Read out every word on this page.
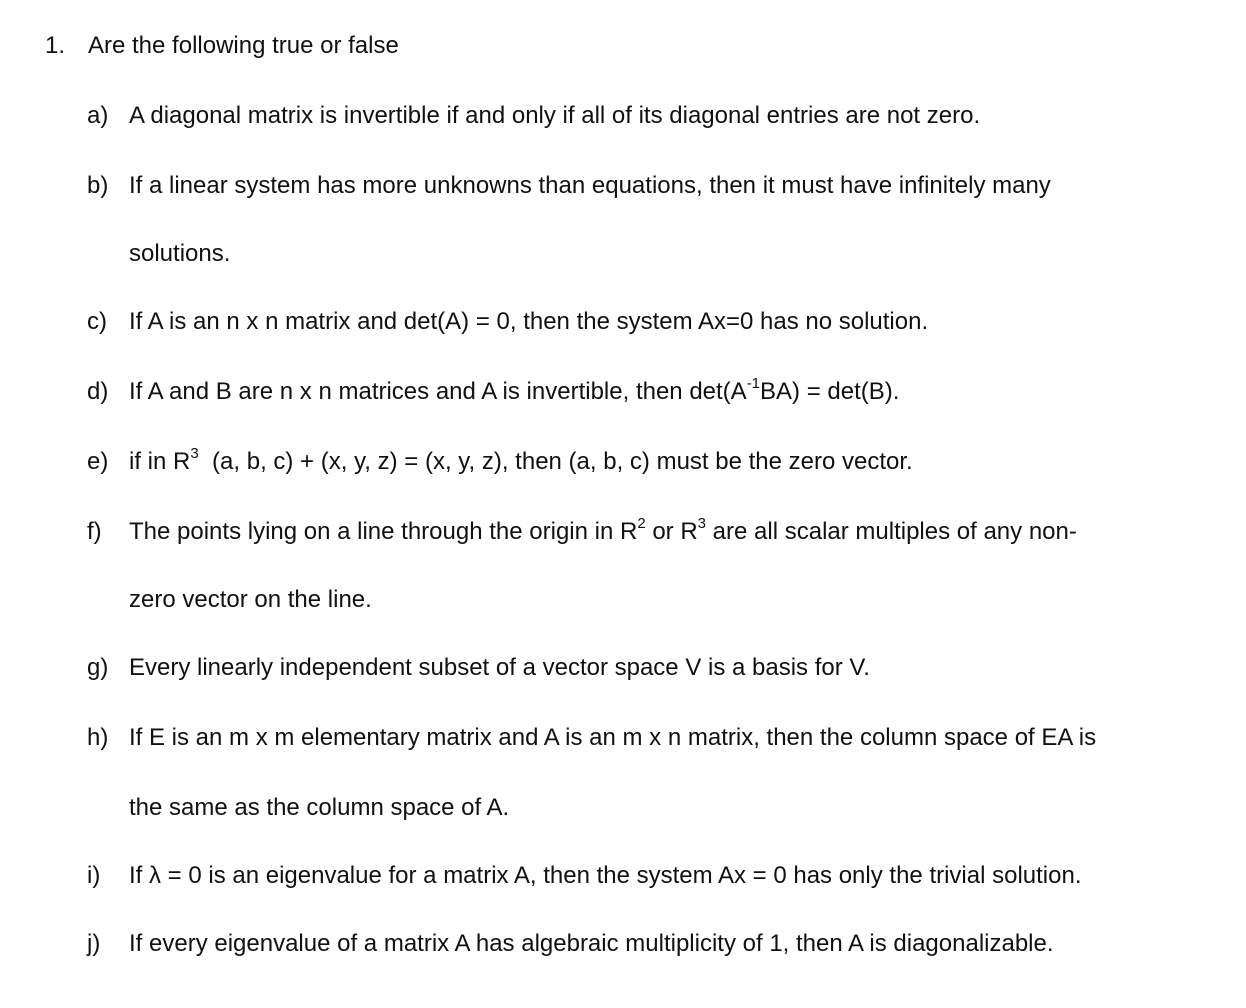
1. Are the following true or false
a) A diagonal matrix is invertible if and only if all of its diagonal entries are not zero.
b) If a linear system has more unknowns than equations, then it must have infinitely many
solutions.
c) If A is an n x n matrix and det(A) = 0, then the system Ax=0 has no solution.
d) If A and B are n x n matrices and A is invertible, then $\det(A^{-1}BA) = \det(B)$.
e) if in $R^3$  (a, b, c) + (x, y, z) = (x, y, z), then (a, b, c) must be the zero vector.
f)	The points lying on a line through the origin in $R^2$ or $R^3$ are all scalar multiples of any non-
zero vector on the line.
g) Every linearly independent subset of a vector space V is a basis for V.
h) If E is an m x m elementary matrix and A is an m x n matrix, then the column space of EA is
the same as the column space of A.
i)	If λ = 0 is an eigenvalue for a matrix A, then the system Ax = 0 has only the trivial solution.
j)	If every eigenvalue of a matrix A has algebraic multiplicity of 1, then A is diagonalizable.
